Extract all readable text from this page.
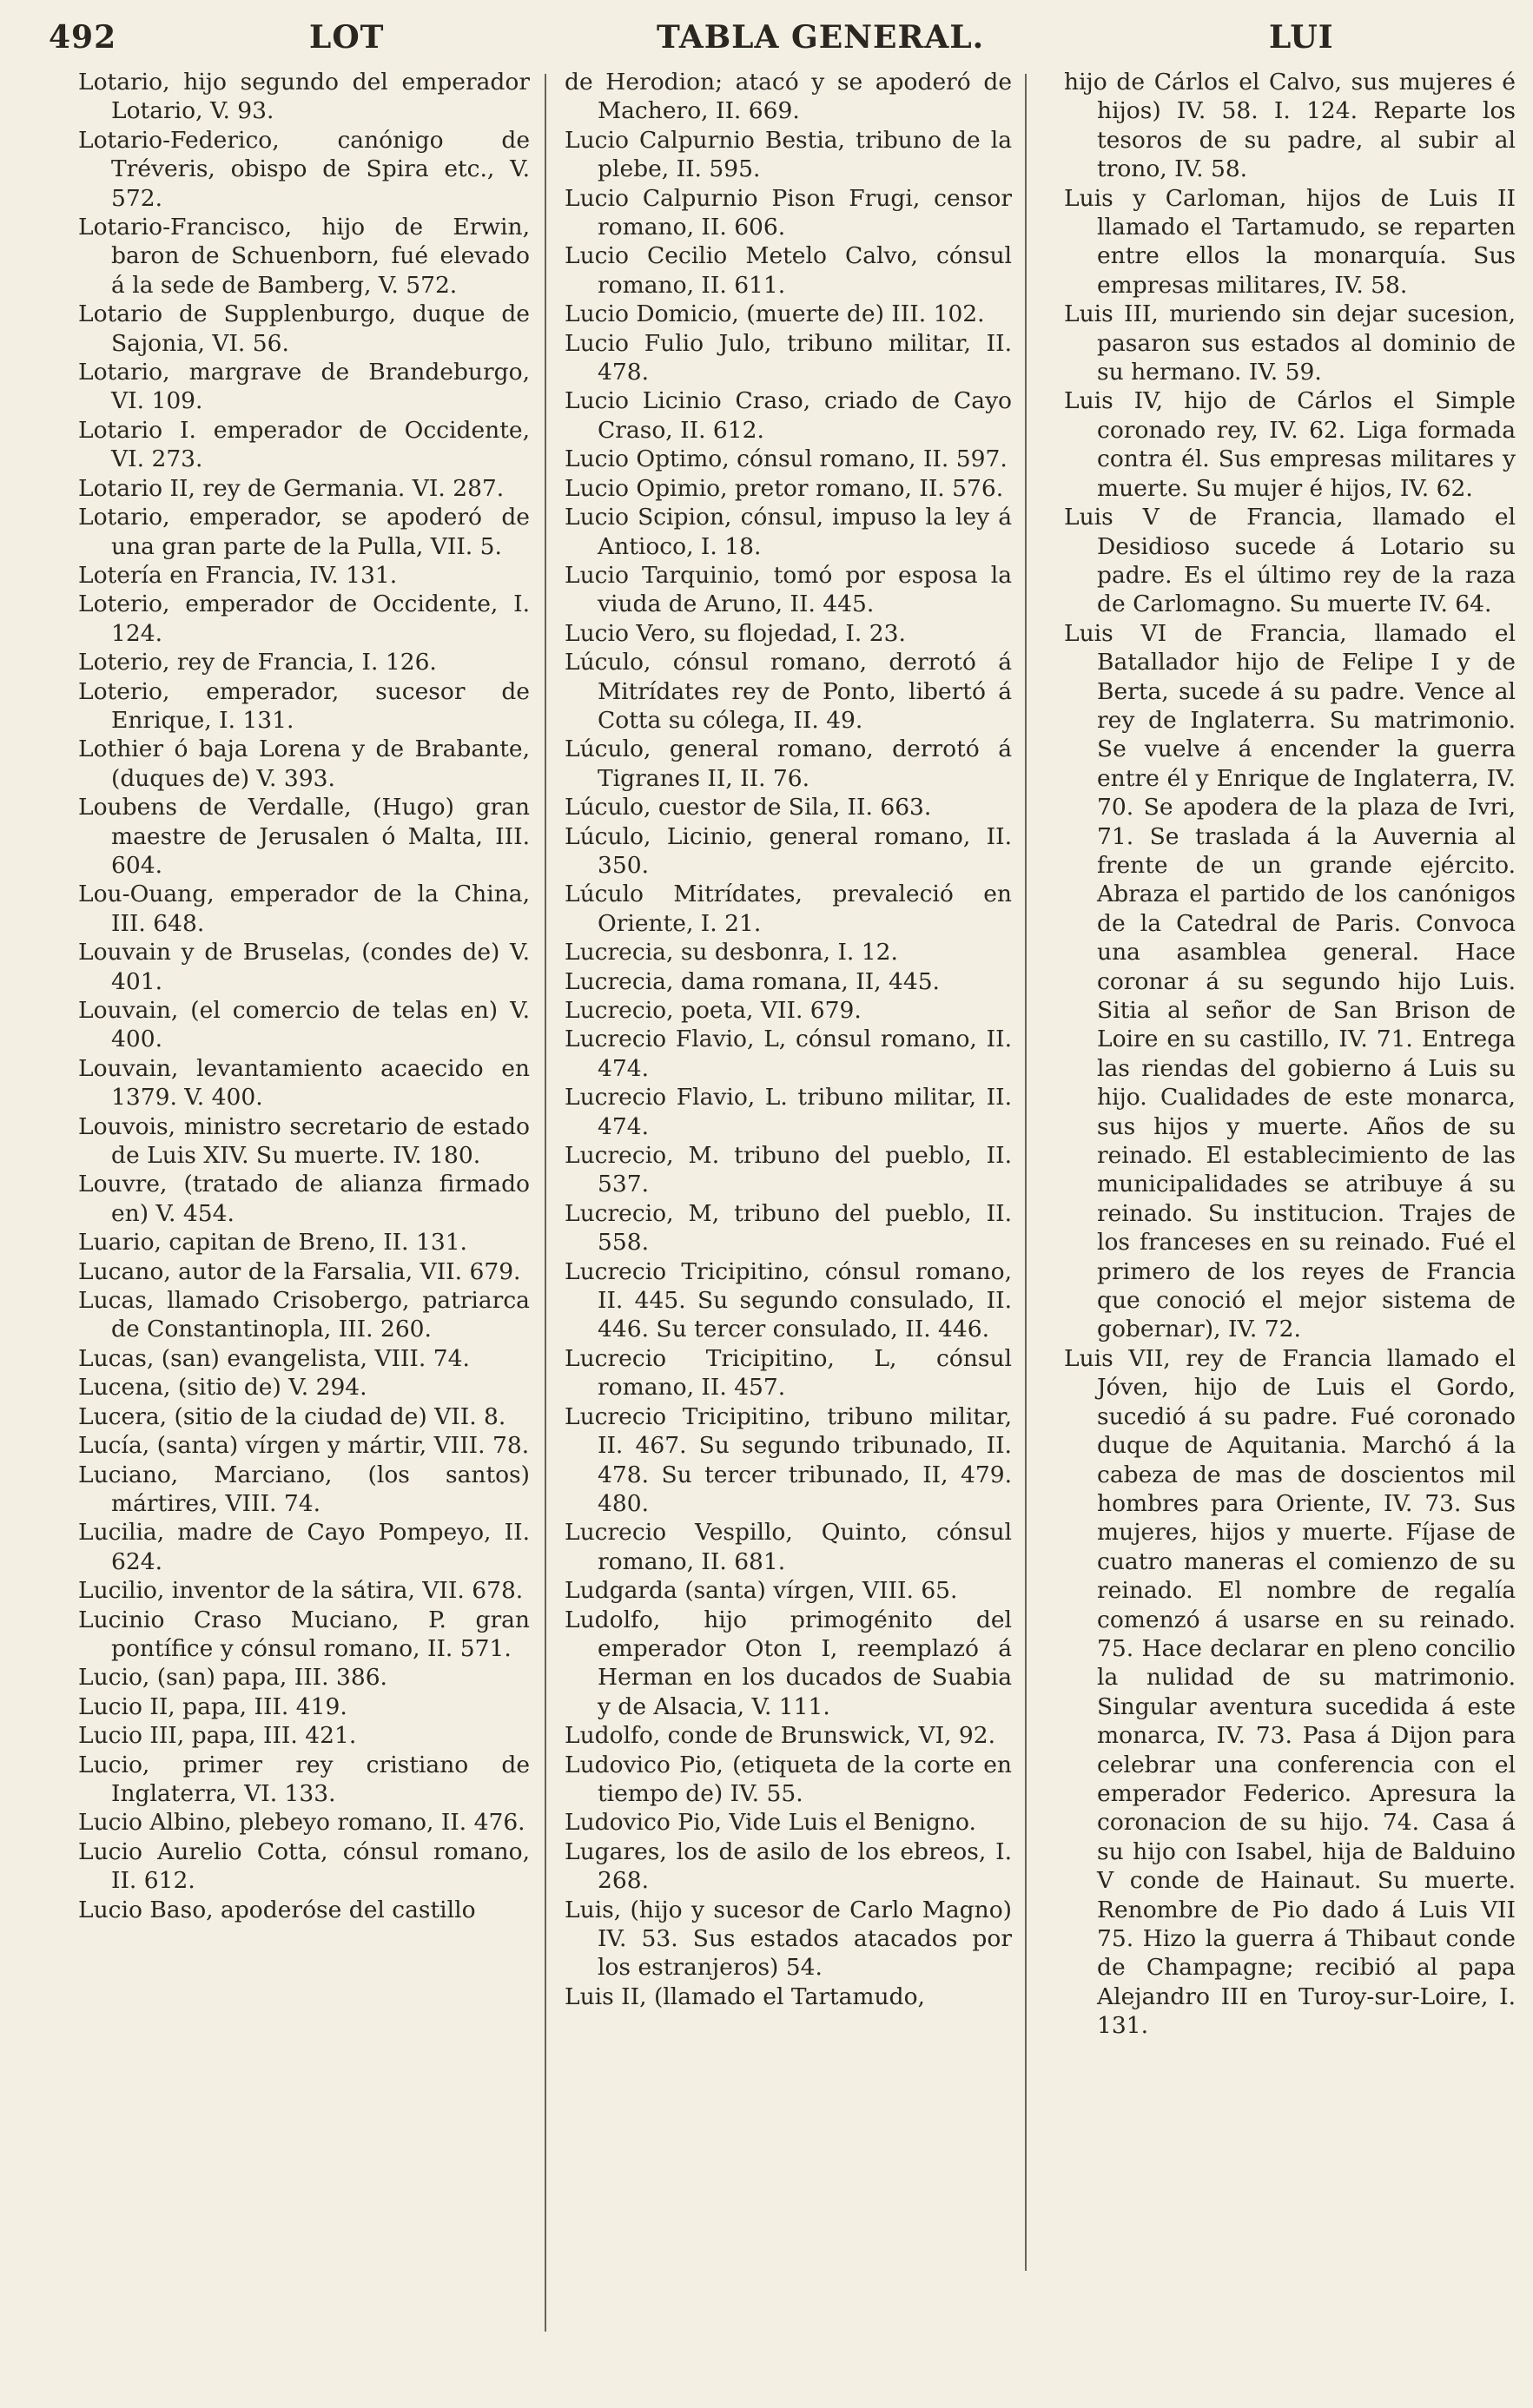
492	LOT	TABLA GENERAL.	LUI

Lotario, hijo segundo del emperador Lotario, V. 93.

Lotario-Federico, canónigo de Tréveris, obispo de Spira etc., V. 572.

Lotario-Francisco, hijo de Erwin, baron de Schuenborn, fué elevado á la sede de Bamberg, V. 572.

Lotario de Supplenburgo, duque de Sajonia, VI. 56.

Lotario, margrave de Brandeburgo, VI. 109.

Lotario I. emperador de Occidente, VI. 273.

Lotario II, rey de Germania. VI. 287.

Lotario, emperador, se apoderó de una gran parte de la Pulla, VII. 5.

Lotería en Francia, IV. 131.

Loterio, emperador de Occidente, I. 124.

Loterio, rey de Francia, I. 126.

Loterio, emperador, sucesor de Enrique, I. 131.

Lothier ó baja Lorena y de Brabante, (duques de) V. 393.

Loubens de Verdalle, (Hugo) gran maestre de Jerusalen ó Malta, III. 604.

Lou-Ouang, emperador de la China, III. 648.

Louvain y de Bruselas, (condes de) V. 401.

Louvain, (el comercio de telas en) V. 400.

Louvain, levantamiento acaecido en 1379. V. 400.

Louvois, ministro secretario de estado de Luis XIV. Su muerte. IV. 180.

Louvre, (tratado de alianza firmado en) V. 454.

Luario, capitan de Breno, II. 131.

Lucano, autor de la Farsalia, VII. 679.

Lucas, llamado Crisobergo, patriarca de Constantinopla, III. 260.

Lucas, (san) evangelista, VIII. 74.

Lucena, (sitio de) V. 294.

Lucera, (sitio de la ciudad de) VII. 8.

Lucía, (santa) vírgen y mártir, VIII. 78.

Luciano, Marciano, (los santos) mártires, VIII. 74.

Lucilia, madre de Cayo Pompeyo, II. 624.

Lucilio, inventor de la sátira, VII. 678.

Lucinio Craso Muciano, P. gran pontífice y cónsul romano, II. 571.

Lucio, (san) papa, III. 386.

Lucio II, papa, III. 419.

Lucio III, papa, III. 421.

Lucio, primer rey cristiano de Inglaterra, VI. 133.

Lucio Albino, plebeyo romano, II. 476.

Lucio Aurelio Cotta, cónsul romano, II. 612.

Lucio Baso, apoderóse del castillo

de Herodion; atacó y se apoderó de Machero, II. 669.

Lucio Calpurnio Bestia, tribuno de la plebe, II. 595.

Lucio Calpurnio Pison Frugi, censor romano, II. 606.

Lucio Cecilio Metelo Calvo, cónsul romano, II. 611.

Lucio Domicio, (muerte de) III. 102.

Lucio Fulio Julo, tribuno militar, II. 478.

Lucio Licinio Craso, criado de Cayo Craso, II. 612.

Lucio Optimo, cónsul romano, II. 597.

Lucio Opimio, pretor romano, II. 576.

Lucio Scipion, cónsul, impuso la ley á Antioco, I. 18.

Lucio Tarquinio, tomó por esposa la viuda de Aruno, II. 445.

Lucio Vero, su flojedad, I. 23.

Lúculo, cónsul romano, derrotó á Mitrídates rey de Ponto, libertó á Cotta su cólega, II. 49.

Lúculo, general romano, derrotó á Tigranes II, II. 76.

Lúculo, cuestor de Sila, II. 663.

Lúculo, Licinio, general romano, II. 350.

Lúculo Mitrídates, prevaleció en Oriente, I. 21.

Lucrecia, su desbonra, I. 12.

Lucrecia, dama romana, II, 445.

Lucrecio, poeta, VII. 679.

Lucrecio Flavio, L, cónsul romano, II. 474.

Lucrecio Flavio, L. tribuno militar, II. 474.

Lucrecio, M. tribuno del pueblo, II. 537.

Lucrecio, M, tribuno del pueblo, II. 558.

Lucrecio Tricipitino, cónsul romano, II. 445. Su segundo consulado, II. 446. Su tercer consulado, II. 446.

Lucrecio Tricipitino, L, cónsul romano, II. 457.

Lucrecio Tricipitino, tribuno militar, II. 467. Su segundo tribunado, II. 478. Su tercer tribunado, II, 479. 480.

Lucrecio Vespillo, Quinto, cónsul romano, II. 681.

Ludgarda (santa) vírgen, VIII. 65.

Ludolfo, hijo primogénito del emperador Oton I, reemplazó á Herman en los ducados de Suabia y de Alsacia, V. 111.

Ludolfo, conde de Brunswick, VI, 92.

Ludovico Pio, (etiqueta de la corte en tiempo de) IV. 55.

Ludovico Pio, Vide Luis el Benigno.

Lugares, los de asilo de los ebreos, I. 268.

Luis, (hijo y sucesor de Carlo Magno) IV. 53. Sus estados atacados por los estranjeros) 54.

Luis II, (llamado el Tartamudo,

hijo de Cárlos el Calvo, sus mujeres é hijos) IV. 58. I. 124. Reparte los tesoros de su padre, al subir al trono, IV. 58.

Luis y Carloman, hijos de Luis II llamado el Tartamudo, se reparten entre ellos la monarquía. Sus empresas militares, IV. 58.

Luis III, muriendo sin dejar sucesion, pasaron sus estados al dominio de su hermano. IV. 59.

Luis IV, hijo de Cárlos el Simple coronado rey, IV. 62. Liga formada contra él. Sus empresas militares y muerte. Su mujer é hijos, IV. 62.

Luis V de Francia, llamado el Desidioso sucede á Lotario su padre. Es el último rey de la raza de Carlomagno. Su muerte IV. 64.

Luis VI de Francia, llamado el Batallador hijo de Felipe I y de Berta, sucede á su padre. Vence al rey de Inglaterra. Su matrimonio. Se vuelve á encender la guerra entre él y Enrique de Inglaterra, IV. 70. Se apodera de la plaza de Ivri, 71. Se traslada á la Auvernia al frente de un grande ejército. Abraza el partido de los canónigos de la Catedral de Paris. Convoca una asamblea general. Hace coronar á su segundo hijo Luis. Sitia al señor de San Brison de Loire en su castillo, IV. 71. Entrega las riendas del gobierno á Luis su hijo. Cualidades de este monarca, sus hijos y muerte. Años de su reinado. El establecimiento de las municipalidades se atribuye á su reinado. Su institucion. Trajes de los franceses en su reinado. Fué el primero de los reyes de Francia que conoció el mejor sistema de gobernar), IV. 72.

Luis VII, rey de Francia llamado el Jóven, hijo de Luis el Gordo, sucedió á su padre. Fué coronado duque de Aquitania. Marchó á la cabeza de mas de doscientos mil hombres para Oriente, IV. 73. Sus mujeres, hijos y muerte. Fíjase de cuatro maneras el comienzo de su reinado. El nombre de regalía comenzó á usarse en su reinado. 75. Hace declarar en pleno concilio la nulidad de su matrimonio. Singular aventura sucedida á este monarca, IV. 73. Pasa á Dijon para celebrar una conferencia con el emperador Federico. Apresura la coronacion de su hijo. 74. Casa á su hijo con Isabel, hija de Balduino V conde de Hainaut. Su muerte. Renombre de Pio dado á Luis VII 75. Hizo la guerra á Thibaut conde de Champagne; recibió al papa Alejandro III en Turoy-sur-Loire, I. 131.
